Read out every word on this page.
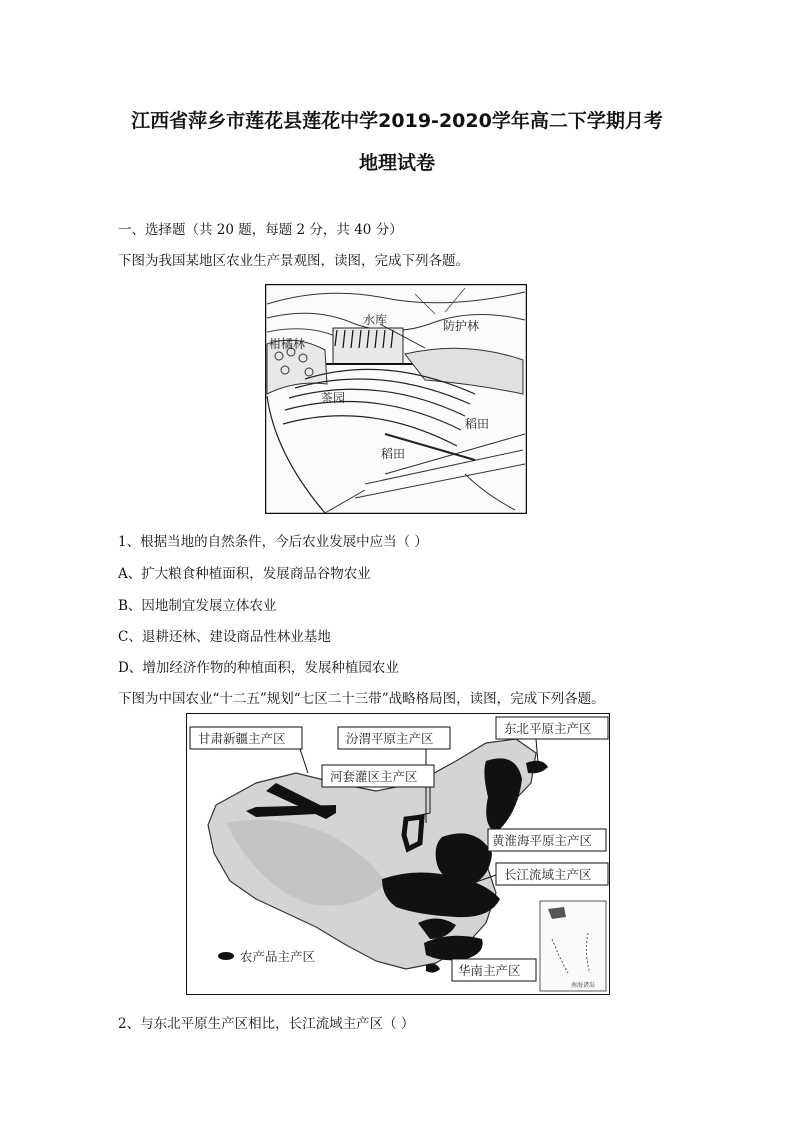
江西省萍乡市莲花县莲花中学2019-2020学年高二下学期月考
地理试卷
一、选择题（共 20 题，每题 2 分，共 40 分）
下图为我国某地区农业生产景观图，读图，完成下列各题。
水库	防护林
柑橘林
茶园
稻田
稻田
1、根据当地的自然条件，今后农业发展中应当（ ）
A、扩大粮食种植面积，发展商品谷物农业
B、因地制宜发展立体农业
C、退耕还林、建设商品性林业基地
D、增加经济作物的种植面积，发展种植园农业
下图为中国农业“十二五”规划“七区二十三带”战略格局图，读图，完成下列各题。
南海诸岛
甘肃新疆主产区	汾渭平原主产区
东北平原主产区
河套灌区主产区
黄淮海平原主产区
长江流域主产区
华南主产区
农产品主产区
2、与东北平原生产区相比，长江流域主产区（ ）
